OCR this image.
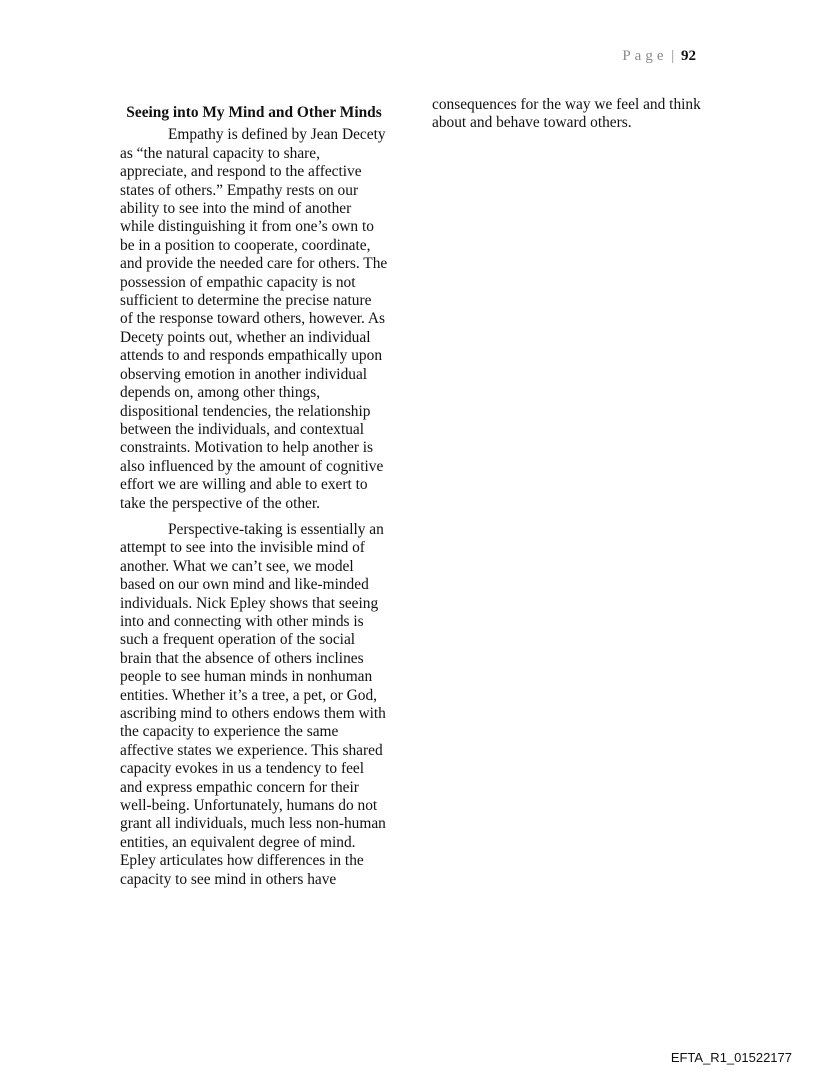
Page | 92
Seeing into My Mind and Other Minds

Empathy is defined by Jean Decety as “the natural capacity to share, appreciate, and respond to the affective states of others.” Empathy rests on our ability to see into the mind of another while distinguishing it from one’s own to be in a position to cooperate, coordinate, and provide the needed care for others. The possession of empathic capacity is not sufficient to determine the precise nature of the response toward others, however. As Decety points out, whether an individual attends to and responds empathically upon observing emotion in another individual depends on, among other things, dispositional tendencies, the relationship between the individuals, and contextual constraints. Motivation to help another is also influenced by the amount of cognitive effort we are willing and able to exert to take the perspective of the other.

Perspective-taking is essentially an attempt to see into the invisible mind of another. What we can’t see, we model based on our own mind and like-minded individuals. Nick Epley shows that seeing into and connecting with other minds is such a frequent operation of the social brain that the absence of others inclines people to see human minds in nonhuman entities. Whether it’s a tree, a pet, or God, ascribing mind to others endows them with the capacity to experience the same affective states we experience. This shared capacity evokes in us a tendency to feel and express empathic concern for their well-being. Unfortunately, humans do not grant all individuals, much less non-human entities, an equivalent degree of mind. Epley articulates how differences in the capacity to see mind in others have

consequences for the way we feel and think about and behave toward others.

EFTA_R1_01522177
